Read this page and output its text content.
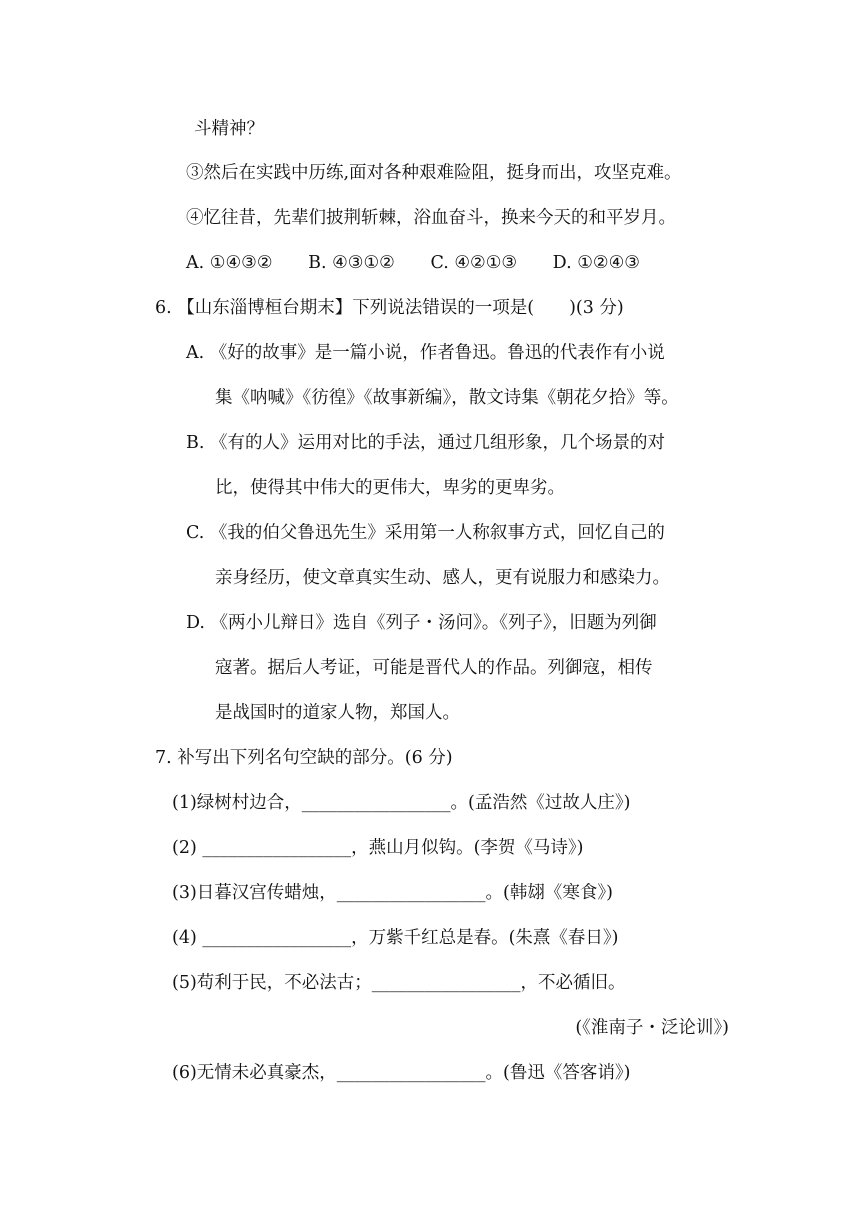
斗精神？
③然后在实践中历练,面对各种艰难险阻，挺身而出，攻坚克难。
④忆往昔，先辈们披荆斩棘，浴血奋斗，换来今天的和平岁月。
A. ①④③② B. ④③①② C. ④②①③ D. ①②④③
6. 【山东淄博桓台期末】下列说法错误的一项是(　　)(3 分)
A. 《好的故事》是一篇小说，作者鲁迅。鲁迅的代表作有小说
集《呐喊》《彷徨》《故事新编》，散文诗集《朝花夕拾》等。
B. 《有的人》运用对比的手法，通过几组形象，几个场景的对
比，使得其中伟大的更伟大，卑劣的更卑劣。
C. 《我的伯父鲁迅先生》采用第一人称叙事方式，回忆自己的
亲身经历，使文章真实生动、感人，更有说服力和感染力。
D. 《两小儿辩日》选自《列子・汤问》。《列子》，旧题为列御
寇著。据后人考证，可能是晋代人的作品。列御寇，相传
是战国时的道家人物，郑国人。
7. 补写出下列名句空缺的部分。(6 分)
(1)绿树村边合，_________________。(孟浩然《过故人庄》)
(2) _________________，燕山月似钩。(李贺《马诗》)
(3)日暮汉宫传蜡烛，_________________。(韩翃《寒食》)
(4) _________________，万紫千红总是春。(朱熹《春日》)
(5)苟利于民，不必法古；_________________，不必循旧。
(《淮南子・泛论训》)
(6)无情未必真豪杰，_________________。(鲁迅《答客诮》)
